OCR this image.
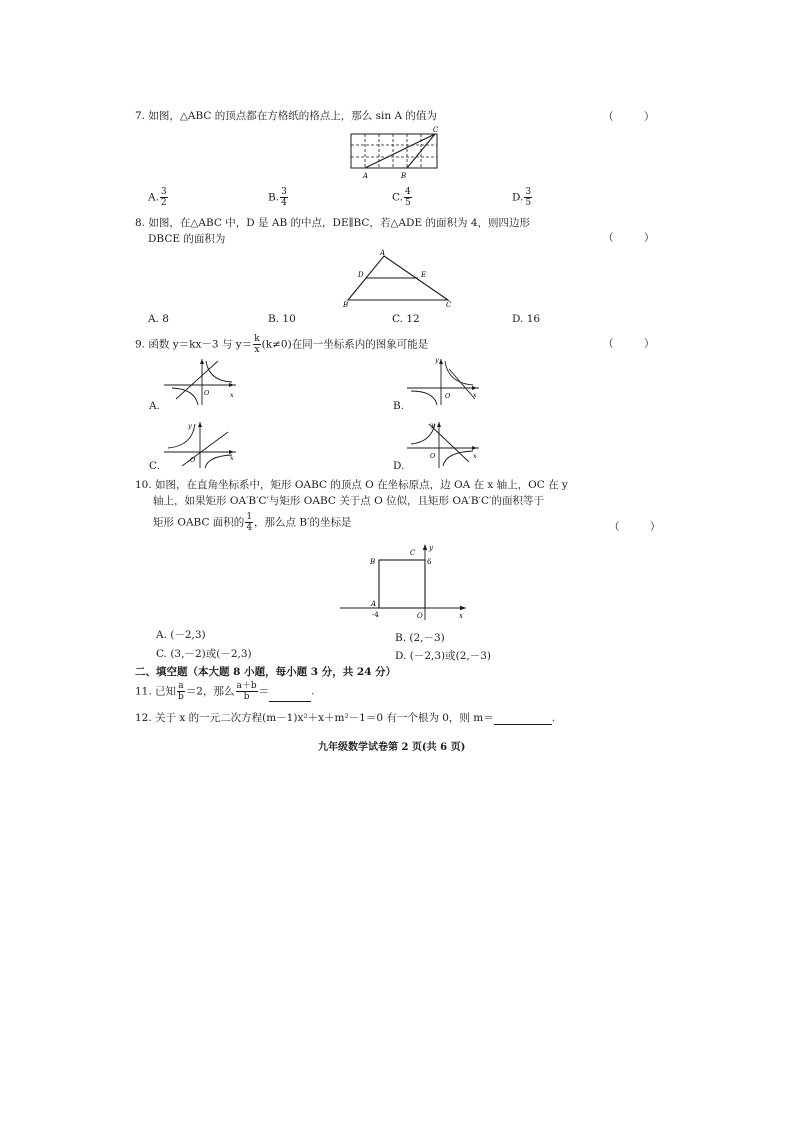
7. 如图，△ABC 的顶点都在方格纸的格点上，那么 sin A 的值为	（　）
A	B
C
A. $\frac{3}{2}$	B. $\frac{3}{4}$	C. $\frac{4}{5}$	D. $\frac{3}{5}$
8. 如图，在△ABC 中，D 是 AB 的中点，DE∥BC，若△ADE 的面积为 4，则四边形
DBCE 的面积为	（　）
A
D	E
B	C
A. 8	B. 10	C. 12	D. 16
9. 函数 y＝kx－3 与 $y= \frac{k}{x} (k\ne 0)$在同一坐标系内的图象可能是	（　）
A.
O	x
B.
y
O	x
C.
y
O	x
D.
y
O	x
10. 如图，在直角坐标系中，矩形 OABC 的顶点 O 在坐标原点，边 OA 在 x 轴上，OC 在 y
轴上，如果矩形 OA′B′C′与矩形 OABC 关于点 O 位似，且矩形 OA′B′C′的面积等于
矩形 OABC 面积的 $\frac{1}{4}$ ，那么点 B′的坐标是	（　）
B
C
y
6
A
-4	O	x
A. (－2,3)	B. (2,－3)
C. (3,－2)或(－2,3)	D. (－2,3)或(2,－3)
二、填空题（本大题 8 小题，每小题 3 分，共 24 分）
11. 已知 $\frac{a}{b} =2$，那么 $\frac{a+b}{b}$ ＝	.
12. 关于 x 的一元二次方程(m－1)x²＋x＋m²－1＝0 有一个根为 0，则 m＝	.
九年级数学试卷第 2 页(共 6 页)
